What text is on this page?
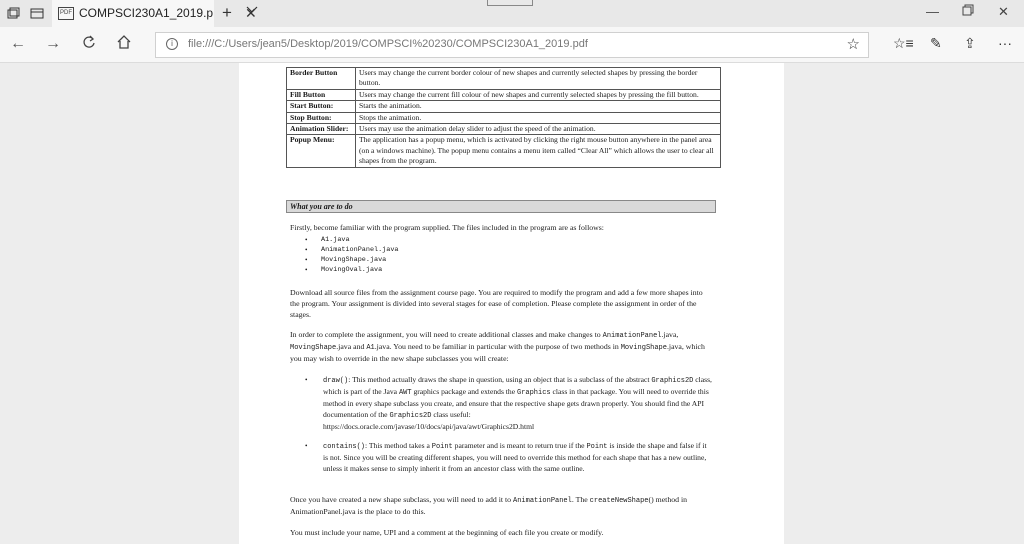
PDF COMPSCI230A1_2019.p ✕
+	—	✕
← →	i	file:///C:/Users/jean5/Desktop/2019/COMPSCI%20230/COMPSCI230A1_2019.pdf	☆ ☆≡ ✎ ⇪ ···
Border Button	Users may change the current border colour of new shapes and currently selected shapes by pressing the border button.
Fill Button	Users may change the current fill colour of new shapes and currently selected shapes by pressing the fill button.
Start Button:	Starts the animation.
Stop Button:	Stops the animation.
Animation Slider:	Users may use the animation delay slider to adjust the speed of the animation.
Popup Menu:	The application has a popup menu, which is activated by clicking the right mouse button anywhere in the panel area (on a windows machine). The popup menu contains a menu item called “Clear All” which allows the user to clear all shapes from the program.
What you are to do

Firstly, become familiar with the program supplied. The files included in the program are as follows:

• A1.java
• AnimationPanel.java
• MovingShape.java
• MovingOval.java

Download all source files from the assignment course page. You are required to modify the program and add a few more shapes into the program. Your assignment is divided into several stages for ease of completion. Please complete the assignment in order of the stages.

In order to complete the assignment, you will need to create additional classes and make changes to AnimationPanel.java, MovingShape.java and A1.java. You need to be familiar in particular with the purpose of two methods in MovingShape.java, which you may wish to override in the new shape subclasses you will create:

• draw(): This method actually draws the shape in question, using an object that is a subclass of the abstract Graphics2D class, which is part of the Java AWT graphics package and extends the Graphics class in that package. You will need to override this method in every shape subclass you create, and ensure that the respective shape gets drawn properly. You should find the API documentation of the Graphics2D class useful:
https://docs.oracle.com/javase/10/docs/api/java/awt/Graphics2D.html

• contains(): This method takes a Point parameter and is meant to return true if the Point is inside the shape and false if it is not. Since you will be creating different shapes, you will need to override this method for each shape that has a new outline, unless it makes sense to simply inherit it from an ancestor class with the same outline.

Once you have created a new shape subclass, you will need to add it to AnimationPanel. The createNewShape() method in AnimationPanel.java is the place to do this.

You must include your name, UPI and a comment at the beginning of each file you create or modify.
